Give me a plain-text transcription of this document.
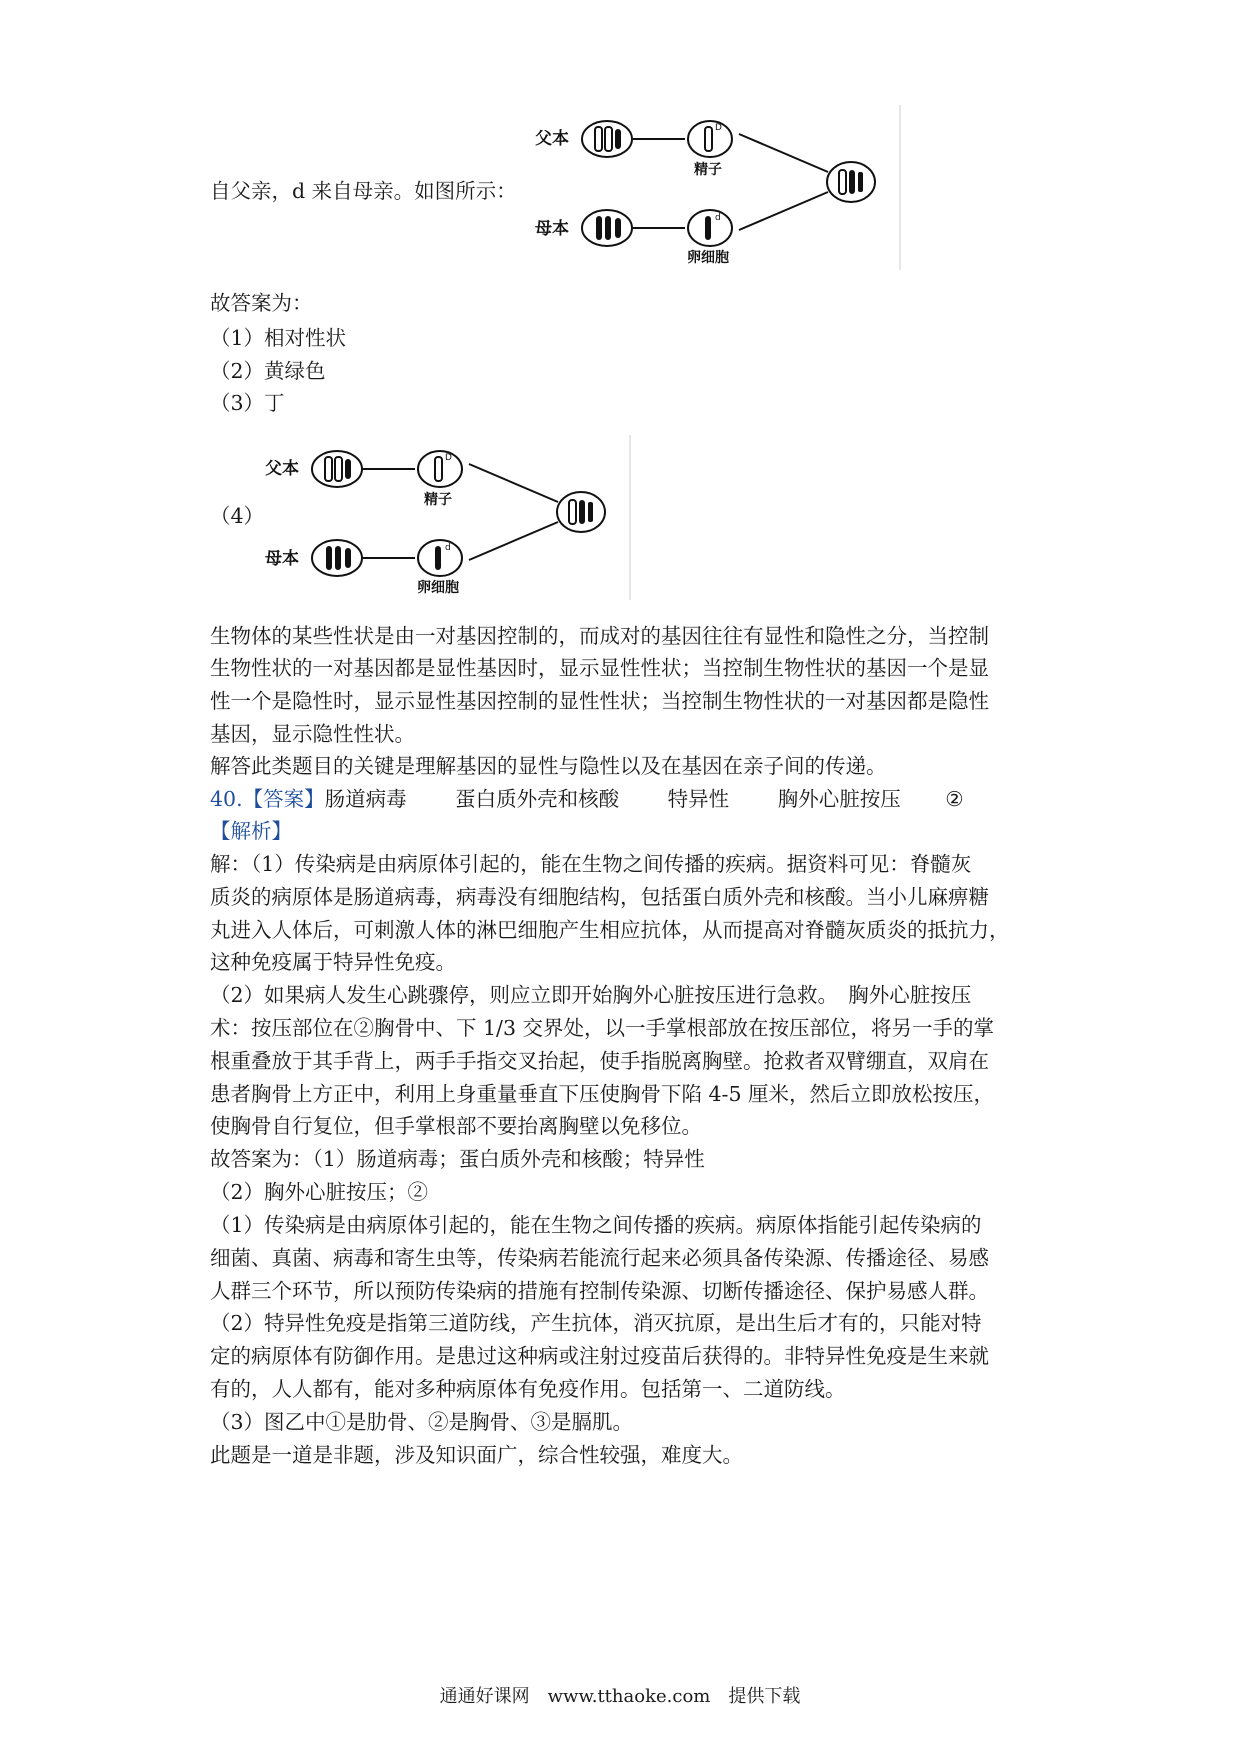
自父亲，d 来自母亲。如图所示：
父本
母本
D
精子
d
卵细胞
故答案为：
（1）相对性状
（2）黄绿色
（3）丁
（4）
父本
母本
D
精子
d
卵细胞
生物体的某些性状是由一对基因控制的，而成对的基因往往有显性和隐性之分，当控制
生物性状的一对基因都是显性基因时，显示显性性状；当控制生物性状的基因一个是显
性一个是隐性时，显示显性基因控制的显性性状；当控制生物性状的一对基因都是隐性
基因，显示隐性性状。
解答此类题目的关键是理解基因的显性与隐性以及在基因在亲子间的传递。
40.【答案】肠道病毒 蛋白质外壳和核酸 特异性 胸外心脏按压 ②
【解析】
解：（1）传染病是由病原体引起的，能在生物之间传播的疾病。据资料可见：脊髓灰
质炎的病原体是肠道病毒，病毒没有细胞结构，包括蛋白质外壳和核酸。当小儿麻痹糖
丸进入人体后，可刺激人体的淋巴细胞产生相应抗体，从而提高对脊髓灰质炎的抵抗力，
这种免疫属于特异性免疫。
（2）如果病人发生心跳骤停，则应立即开始胸外心脏按压进行急救。　胸外心脏按压
术：按压部位在②胸骨中、下 1/3 交界处，以一手掌根部放在按压部位，将另一手的掌
根重叠放于其手背上，两手手指交叉抬起，使手指脱离胸壁。抢救者双臂绷直，双肩在
患者胸骨上方正中，利用上身重量垂直下压使胸骨下陷 4-5 厘米，然后立即放松按压，
使胸骨自行复位，但手掌根部不要抬离胸壁以免移位。
故答案为：（1）肠道病毒；蛋白质外壳和核酸；特异性
（2）胸外心脏按压；②
（1）传染病是由病原体引起的，能在生物之间传播的疾病。病原体指能引起传染病的
细菌、真菌、病毒和寄生虫等，传染病若能流行起来必须具备传染源、传播途径、易感
人群三个环节，所以预防传染病的措施有控制传染源、切断传播途径、保护易感人群。
（2）特异性免疫是指第三道防线，产生抗体，消灭抗原，是出生后才有的，只能对特
定的病原体有防御作用。是患过这种病或注射过疫苗后获得的。非特异性免疫是生来就
有的，人人都有，能对多种病原体有免疫作用。包括第一、二道防线。
（3）图乙中①是肋骨、②是胸骨、③是膈肌。
此题是一道是非题，涉及知识面广，综合性较强，难度大。
通通好课网　www.tthaoke.com　提供下载
